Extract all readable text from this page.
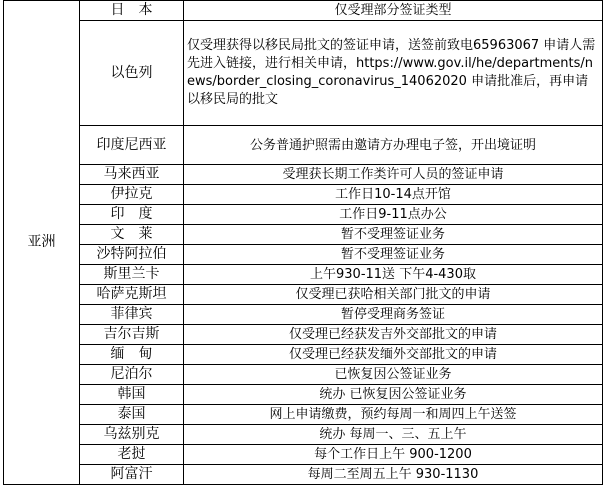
亚洲	日　本	仅受理部分签证类型
	以色列	仅受理获得以移民局批文的签证申请，送签前致电65963067 申请人需先进入链接，进行相关申请，https://www.gov.il/he/departments/news/border_closing_coronavirus_14062020 申请批准后，再申请以移民局的批文
	印度尼西亚	公务普通护照需由邀请方办理电子签，开出境证明
	马来西亚	受理获长期工作类许可人员的签证申请
	伊拉克	工作日10-14点开馆
	印　度	工作日9-11点办公
	文　莱	暂不受理签证业务
	沙特阿拉伯	暂不受理签证业务
	斯里兰卡	上午930-11送 下午4-430取
	哈萨克斯坦	仅受理已获哈相关部门批文的申请
	菲律宾	暂停受理商务签证
	吉尔吉斯	仅受理已经获发吉外交部批文的申请
	缅　甸	仅受理已经获发缅外交部批文的申请
	尼泊尔	已恢复因公签证业务
	韩国	统办 已恢复因公签证业务
	泰国	网上申请缴费，预约每周一和周四上午送签
	乌兹别克	统办 每周一、三、五上午
	老挝	每个工作日上午 900-1200
	阿富汗	每周二至周五上午 930-1130
